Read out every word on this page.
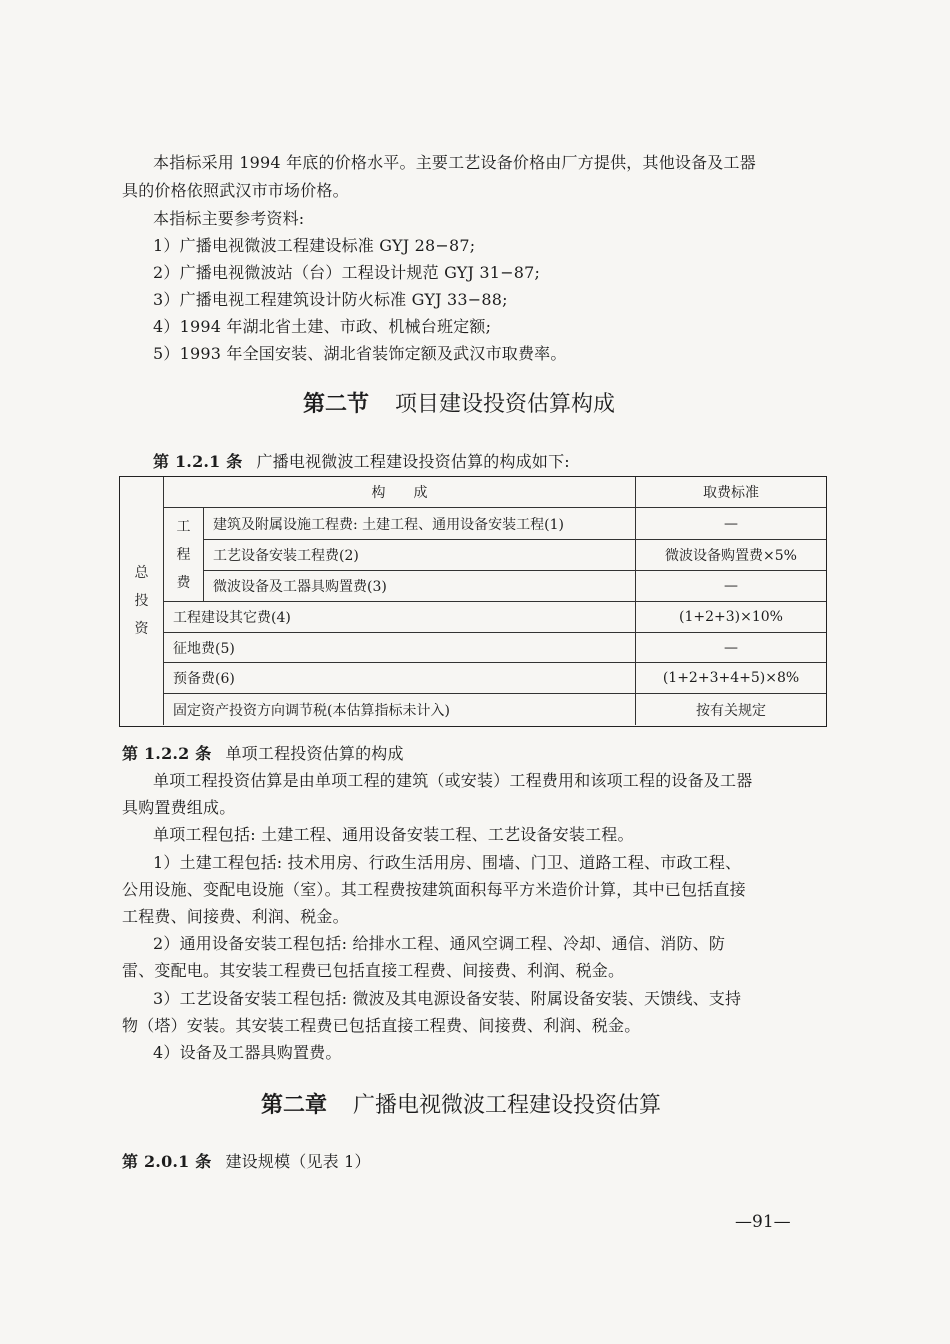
本指标采用 1994 年底的价格水平。主要工艺设备价格由厂方提供，其他设备及工器
具的价格依照武汉市市场价格。
本指标主要参考资料:
1）广播电视微波工程建设标准 GYJ 28−87;
2）广播电视微波站（台）工程设计规范 GYJ 31−87;
3）广播电视工程建筑设计防火标准 GYJ 33−88;
4）1994 年湖北省土建、市政、机械台班定额;
5）1993 年全国安装、湖北省装饰定额及武汉市取费率。
第二节 项目建设投资估算构成
第 1.2.1 条 广播电视微波工程建设投资估算的构成如下:
总
投
资
构　　成	取费标准
工
程
费
建筑及附属设施工程费: 土建工程、通用设备安装工程(1)	—
工艺设备安装工程费(2)	微波设备购置费×5%
微波设备及工器具购置费(3)	—
工程建设其它费(4)	(1+2+3)×10%
征地费(5)	—
预备费(6)	(1+2+3+4+5)×8%
固定资产投资方向调节税(本估算指标未计入)	按有关规定
第 1.2.2 条 单项工程投资估算的构成
单项工程投资估算是由单项工程的建筑（或安装）工程费用和该项工程的设备及工器
具购置费组成。
单项工程包括: 土建工程、通用设备安装工程、工艺设备安装工程。
1）土建工程包括: 技术用房、行政生活用房、围墙、门卫、道路工程、市政工程、
公用设施、变配电设施（室）。其工程费按建筑面积每平方米造价计算，其中已包括直接
工程费、间接费、利润、税金。
2）通用设备安装工程包括: 给排水工程、通风空调工程、冷却、通信、消防、防
雷、变配电。其安装工程费已包括直接工程费、间接费、利润、税金。
3）工艺设备安装工程包括: 微波及其电源设备安装、附属设备安装、天馈线、支持
物（塔）安装。其安装工程费已包括直接工程费、间接费、利润、税金。
4）设备及工器具购置费。
第二章 广播电视微波工程建设投资估算
第 2.0.1 条 建设规模（见表 1）
—91—
